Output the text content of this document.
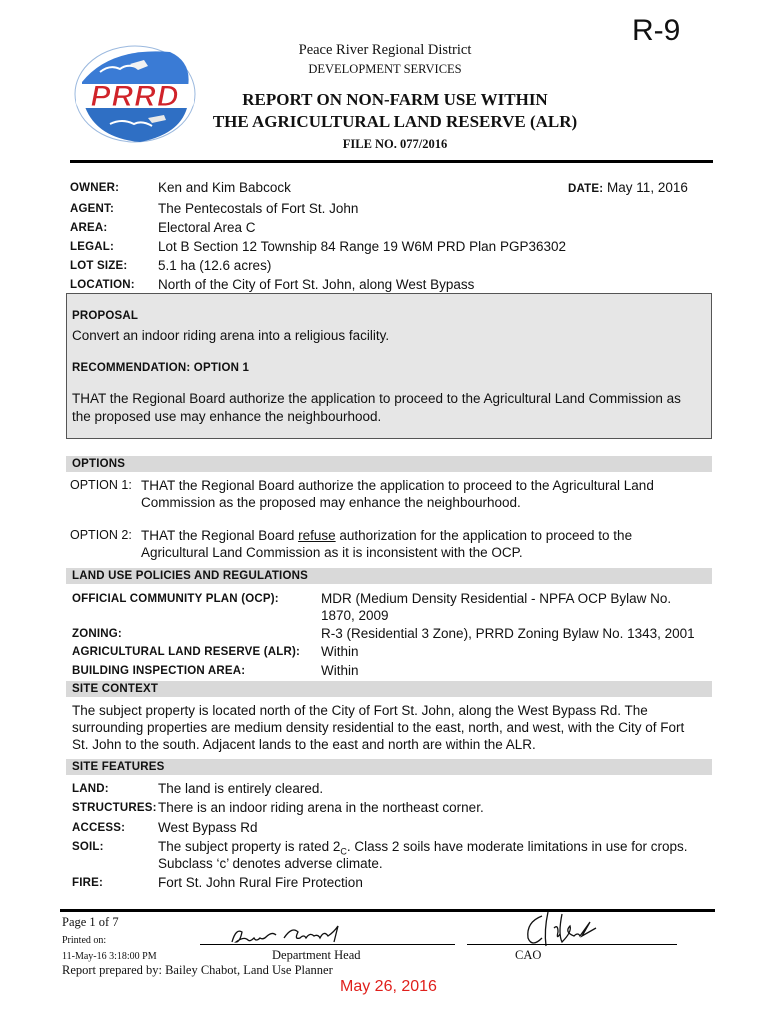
R-9
PRRD
Peace River Regional District
DEVELOPMENT SERVICES
REPORT ON NON-FARM USE WITHIN
THE AGRICULTURAL LAND RESERVE (ALR)
FILE NO. 077/2016
OWNER:	Ken and Kim Babcock	DATE: May 11, 2016
AGENT:	The Pentecostals of Fort St. John
AREA:	Electoral Area C
LEGAL:	Lot B Section 12 Township 84 Range 19 W6M PRD Plan PGP36302
LOT SIZE: 5.1 ha (12.6 acres)
LOCATION: North of the City of Fort St. John, along West Bypass
PROPOSAL
Convert an indoor riding arena into a religious facility.
RECOMMENDATION: OPTION 1
THAT the Regional Board authorize the application to proceed to the Agricultural Land Commission as
the proposed use may enhance the neighbourhood.
OPTIONS
OPTION 1: THAT the Regional Board authorize the application to proceed to the Agricultural Land
Commission as the proposed may enhance the neighbourhood.
OPTION 2: THAT the Regional Board refuse authorization for the application to proceed to the
Agricultural Land Commission as it is inconsistent with the OCP.
LAND USE POLICIES AND REGULATIONS
OFFICIAL COMMUNITY PLAN (OCP):	MDR (Medium Density Residential - NPFA OCP Bylaw No.
1870, 2009
ZONING:	R-3 (Residential 3 Zone), PRRD Zoning Bylaw No. 1343, 2001
AGRICULTURAL LAND RESERVE (ALR): Within
BUILDING INSPECTION AREA:	Within
SITE CONTEXT
The subject property is located north of the City of Fort St. John, along the West Bypass Rd. The
surrounding properties are medium density residential to the east, north, and west, with the City of Fort
St. John to the south. Adjacent lands to the east and north are within the ALR.
SITE FEATURES
LAND:	The land is entirely cleared.
STRUCTURES: There is an indoor riding arena in the northeast corner.
ACCESS: West Bypass Rd
SOIL:	The subject property is rated $2_C$. Class 2 soils have moderate limitations in use for crops.
Subclass ‘c’ denotes adverse climate.
FIRE:	Fort St. John Rural Fire Protection
Page 1 of 7
Printed on:
11-May-16 3:18:00 PM	Department Head	CAO
Report prepared by: Bailey Chabot, Land Use Planner
May 26, 2016
